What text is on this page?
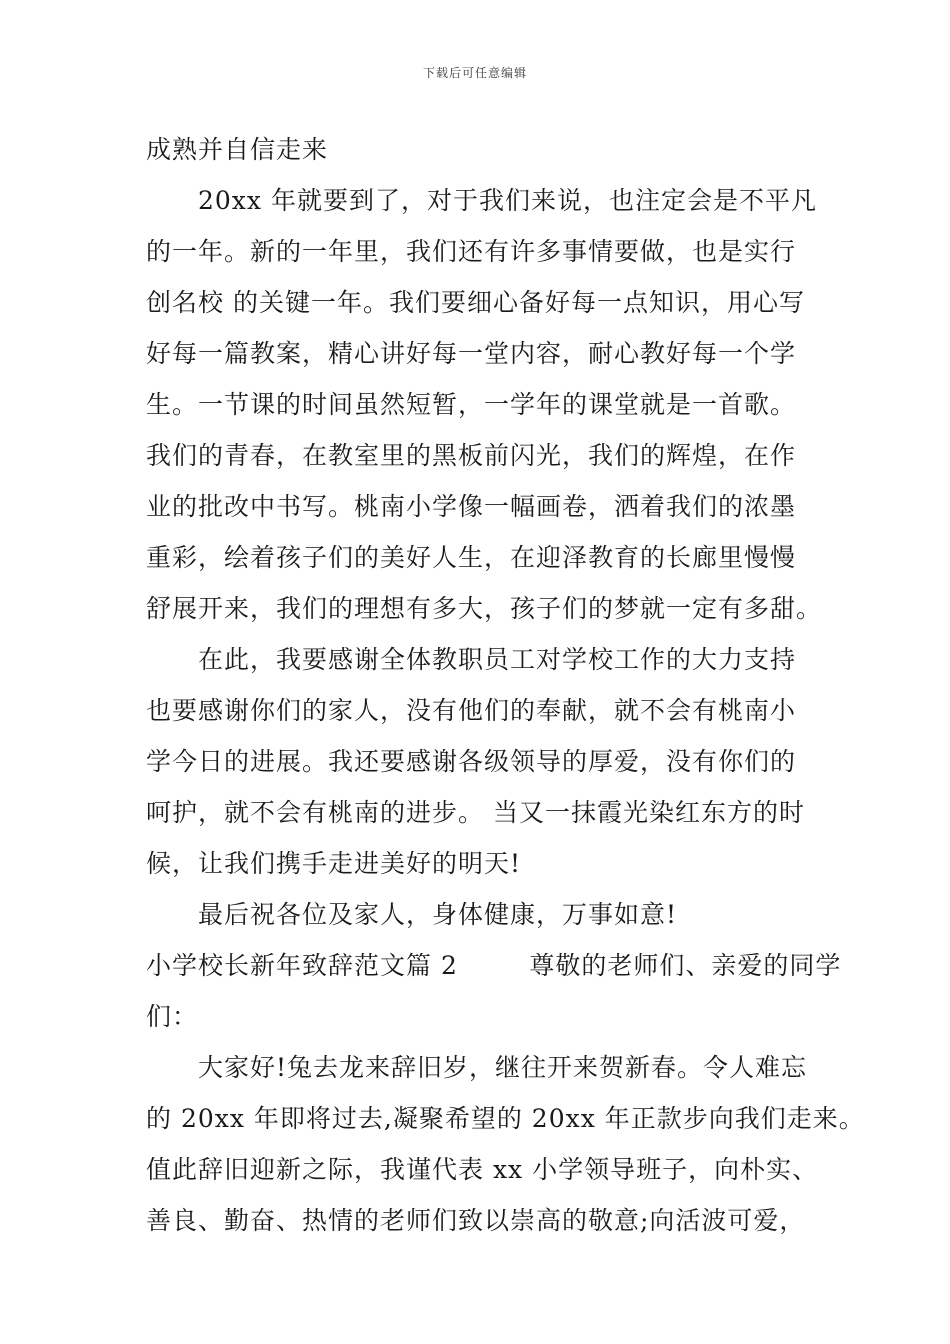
下载后可任意编辑
成熟并自信走来
20xx 年就要到了，对于我们来说，也注定会是不平凡
的一年。新的一年里，我们还有许多事情要做，也是实行
创名校 的关键一年。我们要细心备好每一点知识，用心写
好每一篇教案，精心讲好每一堂内容，耐心教好每一个学
生。一节课的时间虽然短暂，一学年的课堂就是一首歌。
我们的青春，在教室里的黑板前闪光，我们的辉煌，在作
业的批改中书写。桃南小学像一幅画卷，洒着我们的浓墨
重彩，绘着孩子们的美好人生，在迎泽教育的长廊里慢慢
舒展开来，我们的理想有多大，孩子们的梦就一定有多甜。
在此，我要感谢全体教职员工对学校工作的大力支持
也要感谢你们的家人，没有他们的奉献，就不会有桃南小
学今日的进展。我还要感谢各级领导的厚爱，没有你们的
呵护，就不会有桃南的进步。 当又一抹霞光染红东方的时
候，让我们携手走进美好的明天!
最后祝各位及家人，身体健康，万事如意!
小学校长新年致辞范文篇 2        尊敬的老师们、亲爱的同学
们：
大家好!兔去龙来辞旧岁，继往开来贺新春。令人难忘
的 20xx 年即将过去,凝聚希望的 20xx 年正款步向我们走来。
值此辞旧迎新之际，我谨代表 xx 小学领导班子，向朴实、
善良、勤奋、热情的老师们致以崇高的敬意;向活波可爱，
